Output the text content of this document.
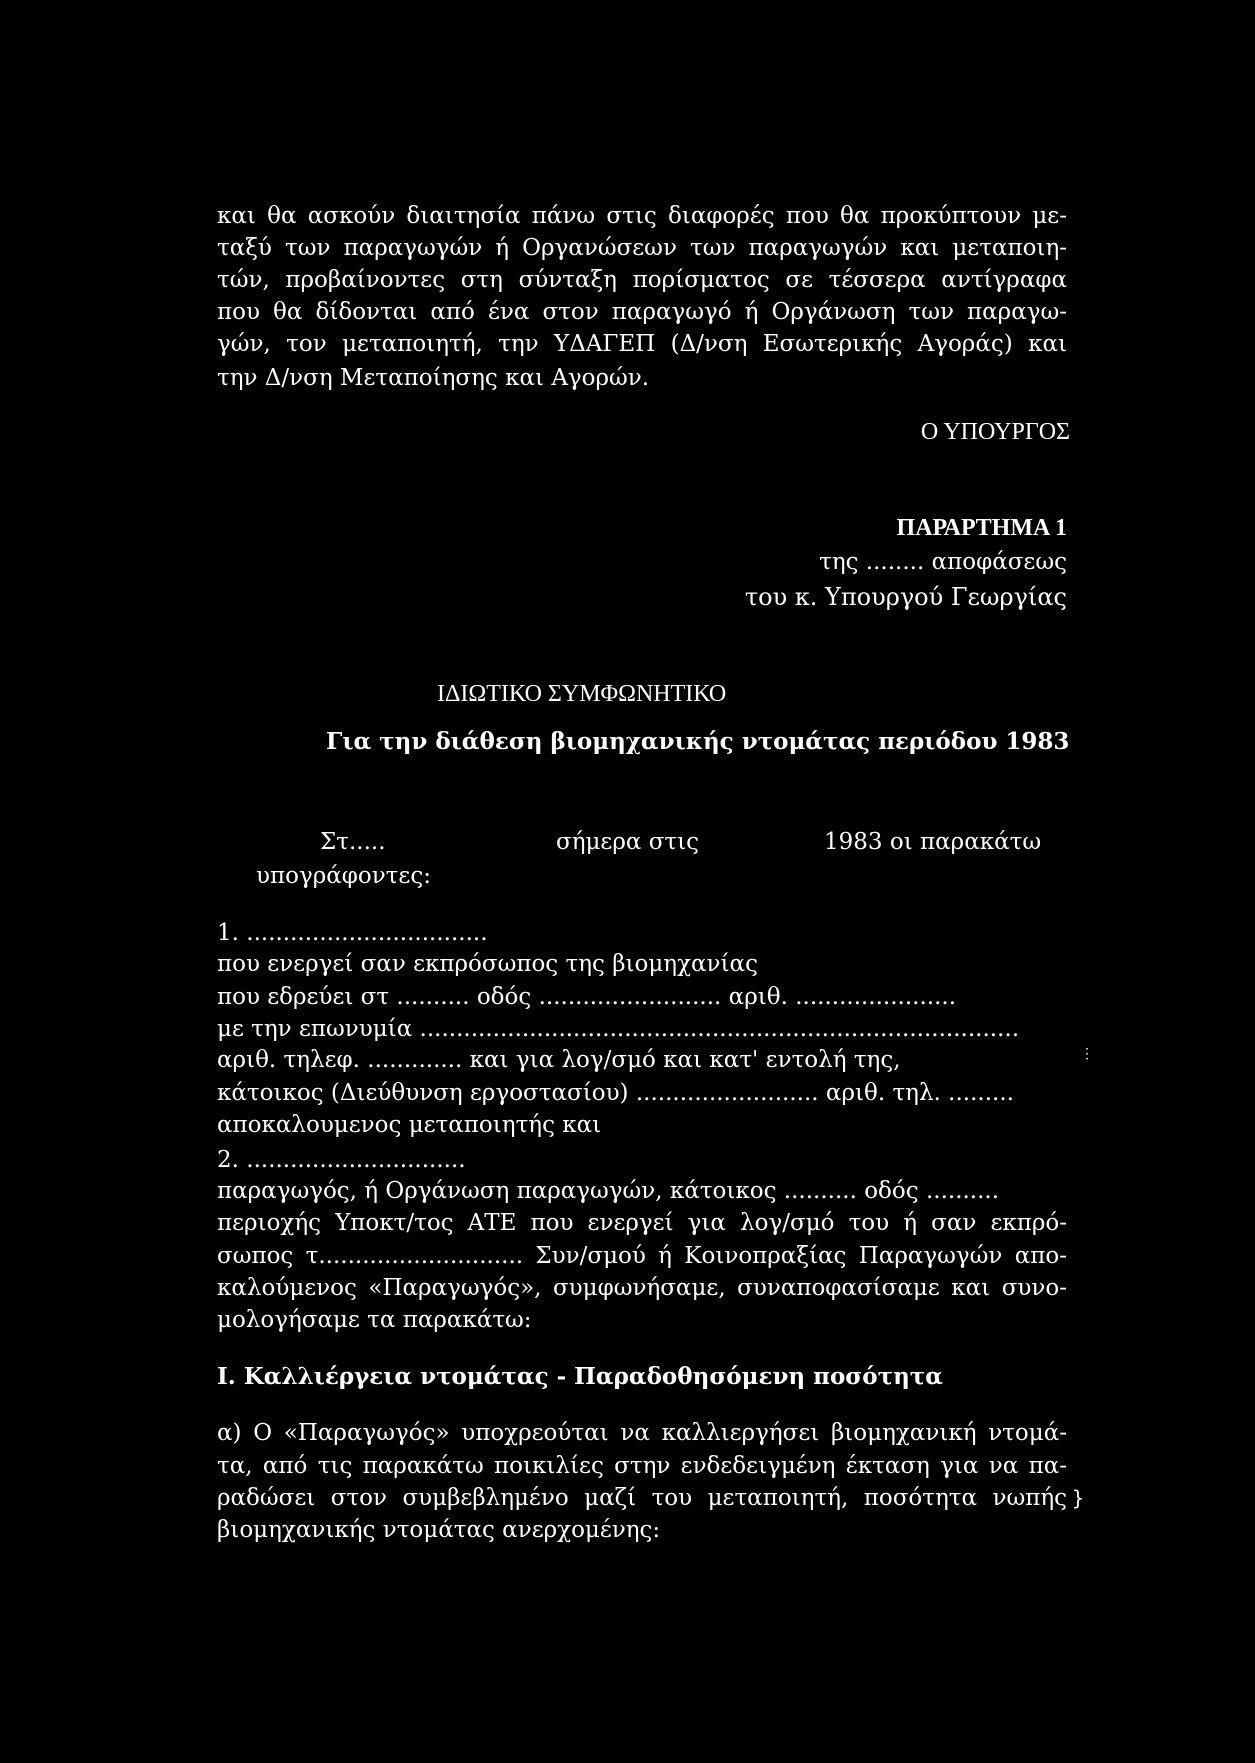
και θα ασκούν διαιτησία πάνω στις διαφορές που θα προκύπτουν με-
ταξύ των παραγωγών ή Οργανώσεων των παραγωγών και μεταποιη-
τών, προβαίνοντες στη σύνταξη πορίσματος σε τέσσερα αντίγραφα
που θα δίδονται από ένα στον παραγωγό ή Οργάνωση των παραγω-
γών, τον μεταποιητή, την ΥΔΑΓΕΠ (Δ/νση Εσωτερικής Αγοράς) και
την Δ/νση Μεταποίησης και Αγορών.
Ο ΥΠΟΥΡΓΟΣ
ΠΑΡΑΡΤΗΜΑ 1
της ........ αποφάσεως
του κ. Υπουργού Γεωργίας
ΙΔΙΩΤΙΚΟ ΣΥΜΦΩΝΗΤΙΚΟ
Για την διάθεση βιομηχανικής ντομάτας περιόδου 1983

Στ.....

	σήμερα στις

	1983 οι παρακάτω

υπογράφοντες:
1. .................................
που ενεργεί σαν εκπρόσωπος της βιομηχανίας
που εδρεύει στ .......... οδός ......................... αριθ. ......................
με την επωνυμία ..................................................................................
αριθ. τηλεφ. ............. και για λογ/σμό και κατ' εντολή της,
κάτοικος (Διεύθυνση εργοστασίου) ......................... αριθ. τηλ. .........
αποκαλουμενος μεταποιητής και
2. ..............................
παραγωγός, ή Οργάνωση παραγωγών, κάτοικος .......... οδός ..........
περιοχής Υποκτ/τος ΑΤΕ που ενεργεί για λογ/σμό του ή σαν εκπρό-
σωπος τ............................ Συν/σμού ή Κοινοπραξίας Παραγωγών απο-
καλούμενος «Παραγωγός», συμφωνήσαμε, συναποφασίσαμε και συνο-
μολογήσαμε τα παρακάτω:
Ι. Καλλιέργεια ντομάτας - Παραδοθησόμενη ποσότητα
α) Ο «Παραγωγός» υποχρεούται να καλλιεργήσει βιομηχανική ντομά-
τα, από τις παρακάτω ποικιλίες στην ενδεδειγμένη έκταση για να πα-
ραδώσει στον συμβεβλημένο μαζί του μεταποιητή, ποσότητα νωπής
βιομηχανικής ντομάτας ανερχομένης:
⋮
}
